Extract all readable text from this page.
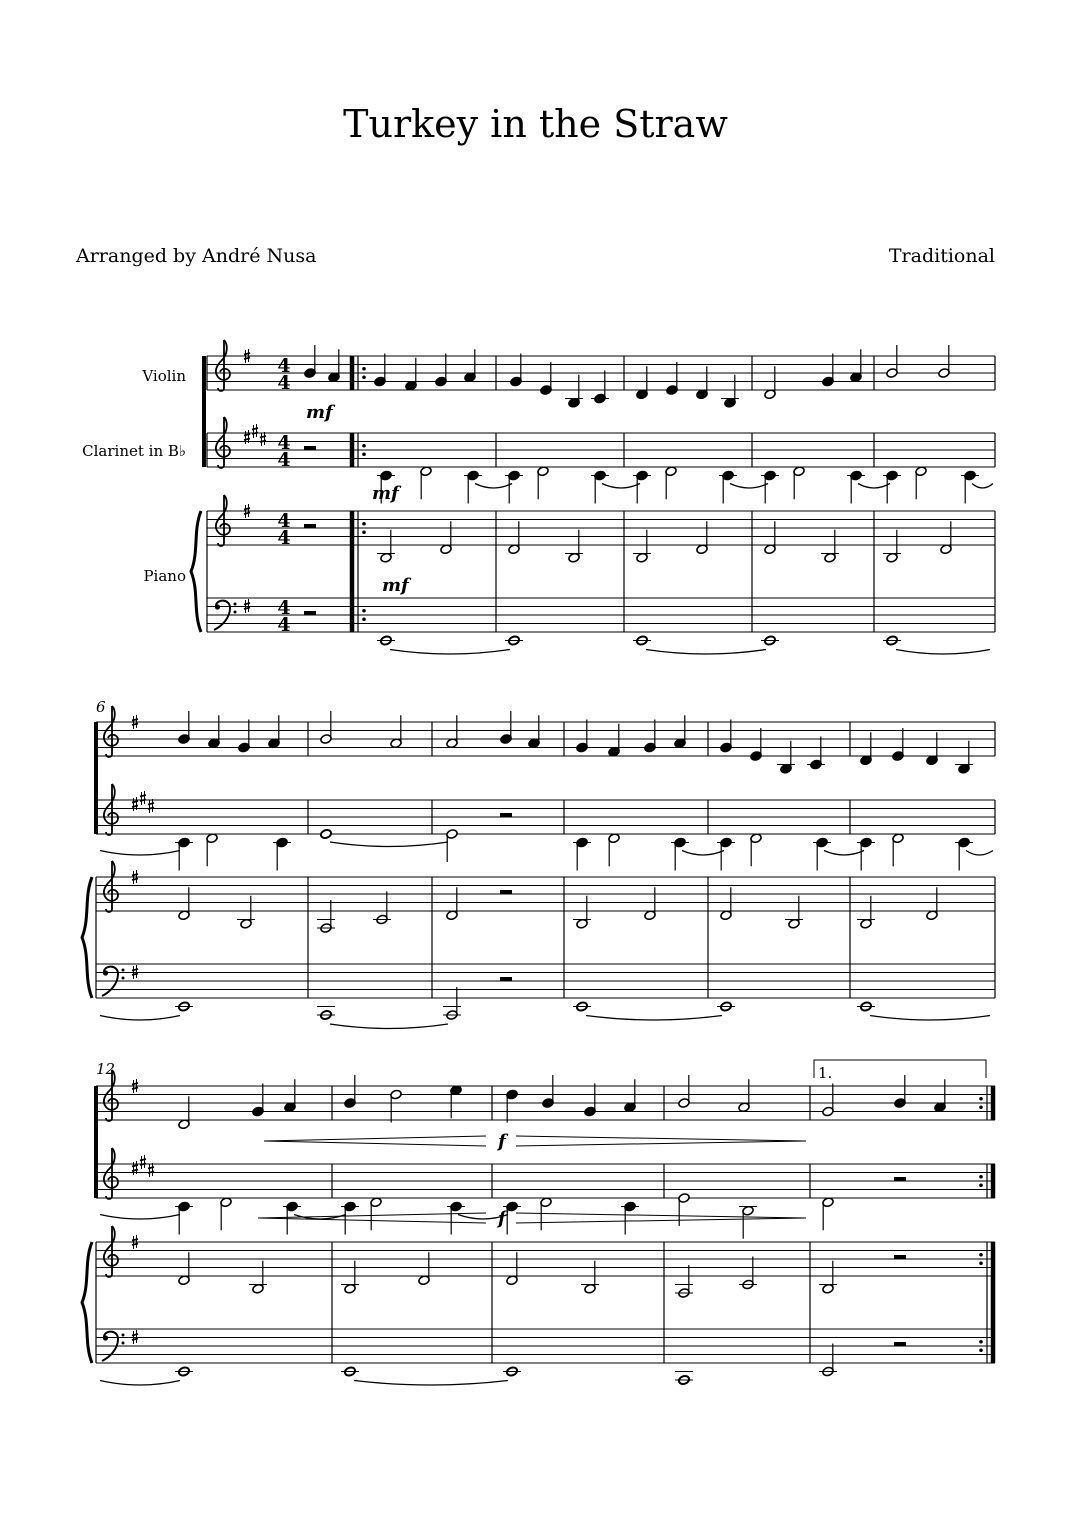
Turkey in the Straw
Arranged by André Nusa	Traditional
Violin
Clarinet in B♭
Piano
4
4
4
4
4
4
4
4
mf
mf
mf
6
12	1.
f
f
